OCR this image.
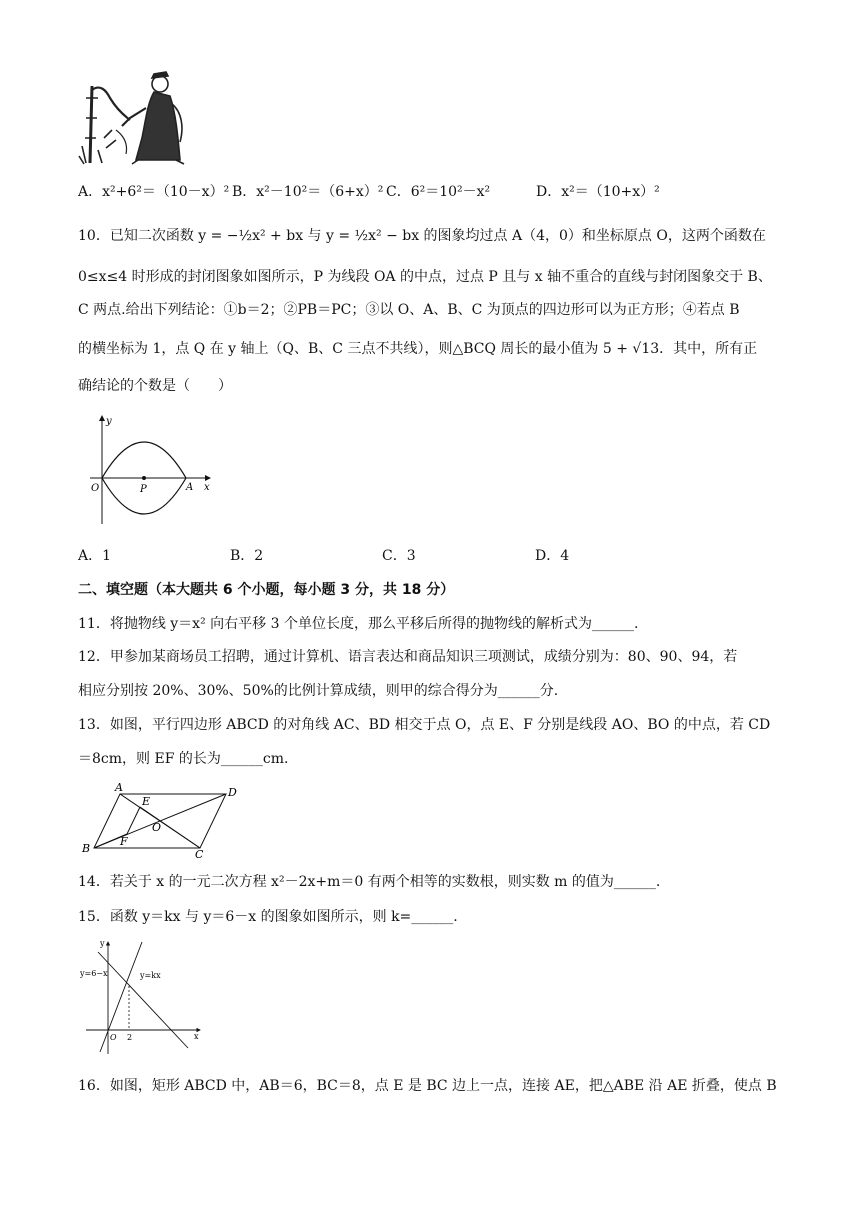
A．x²+6²＝（10－x）² B．x²－10²＝（6+x）² C．6²＝10²－x²	D．x²＝（10+x）²
10．已知二次函数 y = −½x² + bx 与 y = ½x² − bx 的图象均过点 A（4，0）和坐标原点 O，这两个函数在
0≤x≤4 时形成的封闭图象如图所示，P 为线段 OA 的中点，过点 P 且与 x 轴不重合的直线与封闭图象交于 B、
C 两点.给出下列结论：①b＝2；②PB＝PC；③以 O、A、B、C 为顶点的四边形可以为正方形；④若点 B
的横坐标为 1，点 Q 在 y 轴上（Q、B、C 三点不共线），则△BCQ 周长的最小值为 5 + √13．其中，所有正
确结论的个数是（　　）
y
x
O	P	A
A．1	B．2	C．3	D．4
二、填空题（本大题共 6 个小题，每小题 3 分，共 18 分）
11．将抛物线 y＝x² 向右平移 3 个单位长度，那么平移后所得的抛物线的解析式为______.
12．甲参加某商场员工招聘，通过计算机、语言表达和商品知识三项测试，成绩分别为：80、90、94，若
相应分别按 20%、30%、50%的比例计算成绩，则甲的综合得分为______分.
13．如图，平行四边形 ABCD 的对角线 AC、BD 相交于点 O，点 E、F 分别是线段 AO、BO 的中点，若 CD
＝8cm，则 EF 的长为______cm.
A	D
B	C
E
F
O
14．若关于 x 的一元二次方程 x²－2x+m＝0 有两个相等的实数根，则实数 m 的值为______.
15．函数 y＝kx 与 y＝6－x 的图象如图所示，则 k=______.
y
x
O 2
y=6−x	y=kx
16．如图，矩形 ABCD 中，AB＝6，BC＝8，点 E 是 BC 边上一点，连接 AE，把△ABE 沿 AE 折叠，使点 B
